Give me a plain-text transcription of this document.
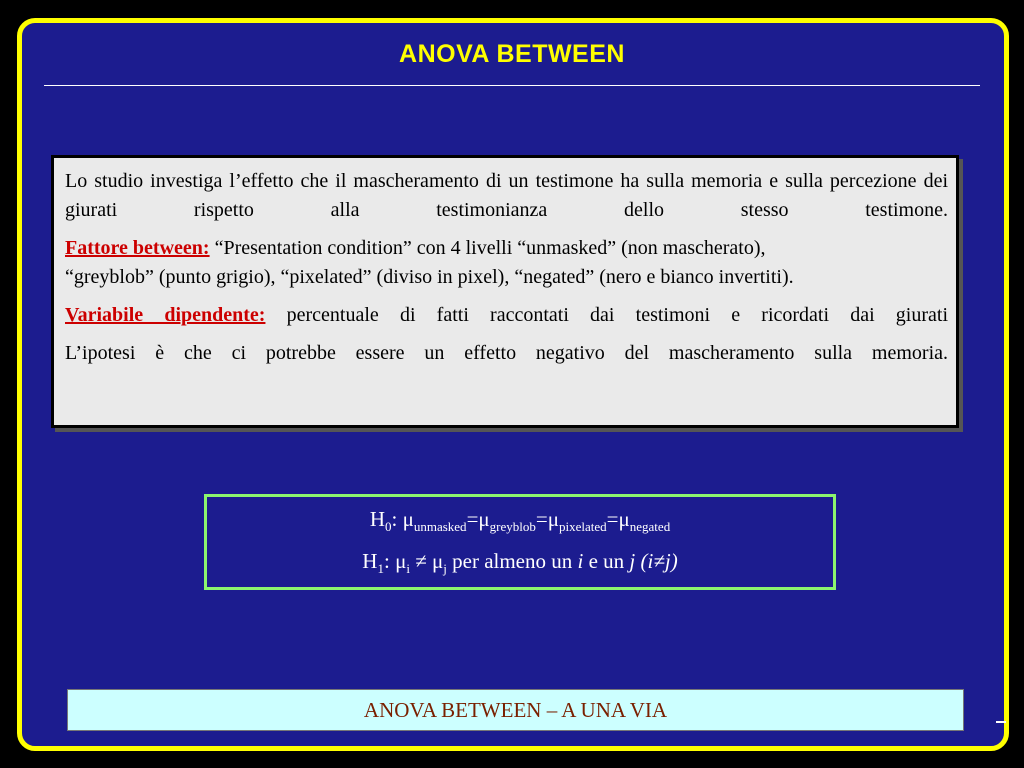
ANOVA BETWEEN

Lo studio investiga l’effetto che il mascheramento di un testimone ha sulla memoria e sulla percezione dei giurati rispetto alla testimonianza dello stesso testimone.

Fattore between: “Presentation condition” con 4 livelli “unmasked” (non mascherato),
“greyblob” (punto grigio), “pixelated” (diviso in pixel), “negated” (nero e bianco invertiti).

Variabile dipendente: percentuale di fatti raccontati dai testimoni e ricordati dai giurati

L’ipotesi è che ci potrebbe essere un effetto negativo del mascheramento sulla memoria.

$H_0$: $\mu_{unmasked}=\mu_{greyblob}=\mu_{pixelated}=\mu_{negated}$
$H_1$: $\mu_i \ne \mu_j$ per almeno un i e un j (i≠j)
ANOVA BETWEEN – A UNA VIA
